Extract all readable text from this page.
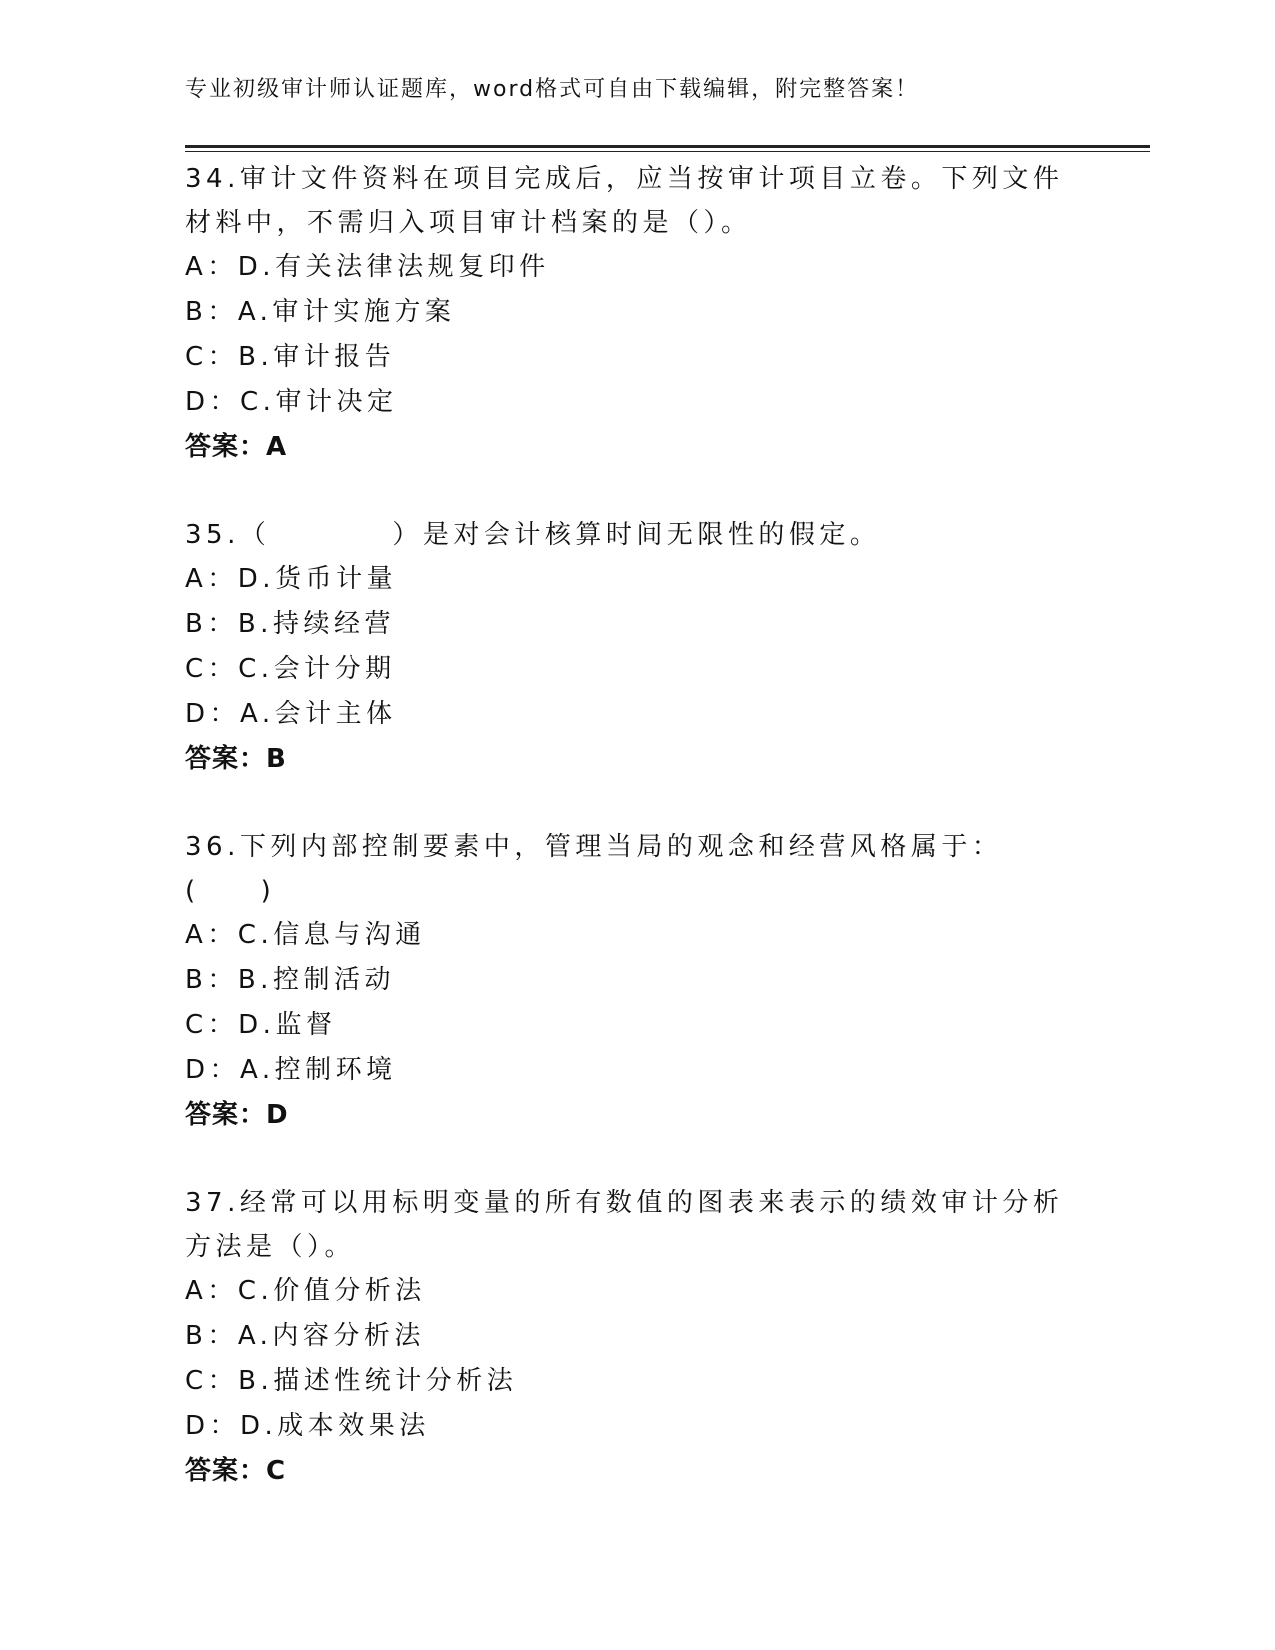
专业初级审计师认证题库，word格式可自由下载编辑，附完整答案！
34.审计文件资料在项目完成后，应当按审计项目立卷。下列文件材料中，不需归入项目审计档案的是（）。
A：D.有关法律法规复印件
B：A.审计实施方案
C：B.审计报告
D：C.审计决定
答案：A
35.（　　　　）是对会计核算时间无限性的假定。
A：D.货币计量
B：B.持续经营
C：C.会计分期
D：A.会计主体
答案：B
36.下列内部控制要素中，管理当局的观念和经营风格属于：(　　)
A：C.信息与沟通
B：B.控制活动
C：D.监督
D：A.控制环境
答案：D
37.经常可以用标明变量的所有数值的图表来表示的绩效审计分析方法是（）。
A：C.价值分析法
B：A.内容分析法
C：B.描述性统计分析法
D：D.成本效果法
答案：C
